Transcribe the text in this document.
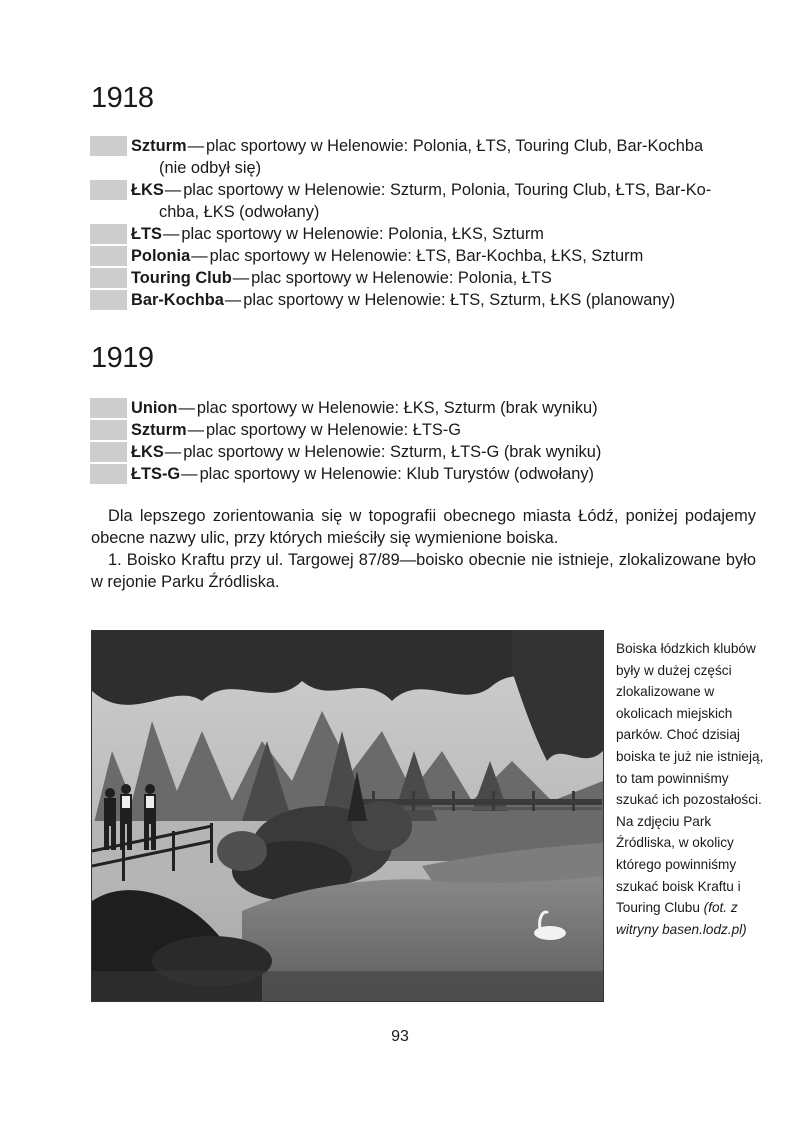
1918
Szturm— plac sportowy w Helenowie: Polonia, ŁTS, Touring Club, Bar-Kochba
(nie odbył się)
ŁKS— plac sportowy w Helenowie: Szturm, Polonia, Touring Club, ŁTS, Bar-Ko-
chba, ŁKS (odwołany)
ŁTS— plac sportowy w Helenowie: Polonia, ŁKS, Szturm
Polonia— plac sportowy w Helenowie: ŁTS, Bar-Kochba, ŁKS, Szturm
Touring Club— plac sportowy w Helenowie: Polonia, ŁTS
Bar-Kochba— plac sportowy w Helenowie: ŁTS, Szturm, ŁKS (planowany)
1919
Union— plac sportowy w Helenowie: ŁKS, Szturm (brak wyniku)
Szturm— plac sportowy w Helenowie: ŁTS-G
ŁKS— plac sportowy w Helenowie: Szturm, ŁTS-G (brak wyniku)
ŁTS-G— plac sportowy w Helenowie: Klub Turystów (odwołany)

Dla lepszego zorientowania się w topografii obecnego miasta Łódź, poniżej podajemy obecne nazwy ulic, przy których mieściły się wymienione boiska.

1. Boisko Kraftu przy ul. Targowej 87/89—boisko obecnie nie istnieje, zlokalizowane było w rejonie Parku Źródliska.

Boiska łódzkich klubów były w dużej części zlokalizowane w okolicach miejskich parków. Choć dzisiaj boiska te już nie istnieją, to tam powinniśmy szukać ich pozostałości. Na zdjęciu Park Źródliska, w okolicy którego powinniśmy szukać boisk Kraftu i Touring Clubu (fot. z witryny basen.lodz.pl)
93
